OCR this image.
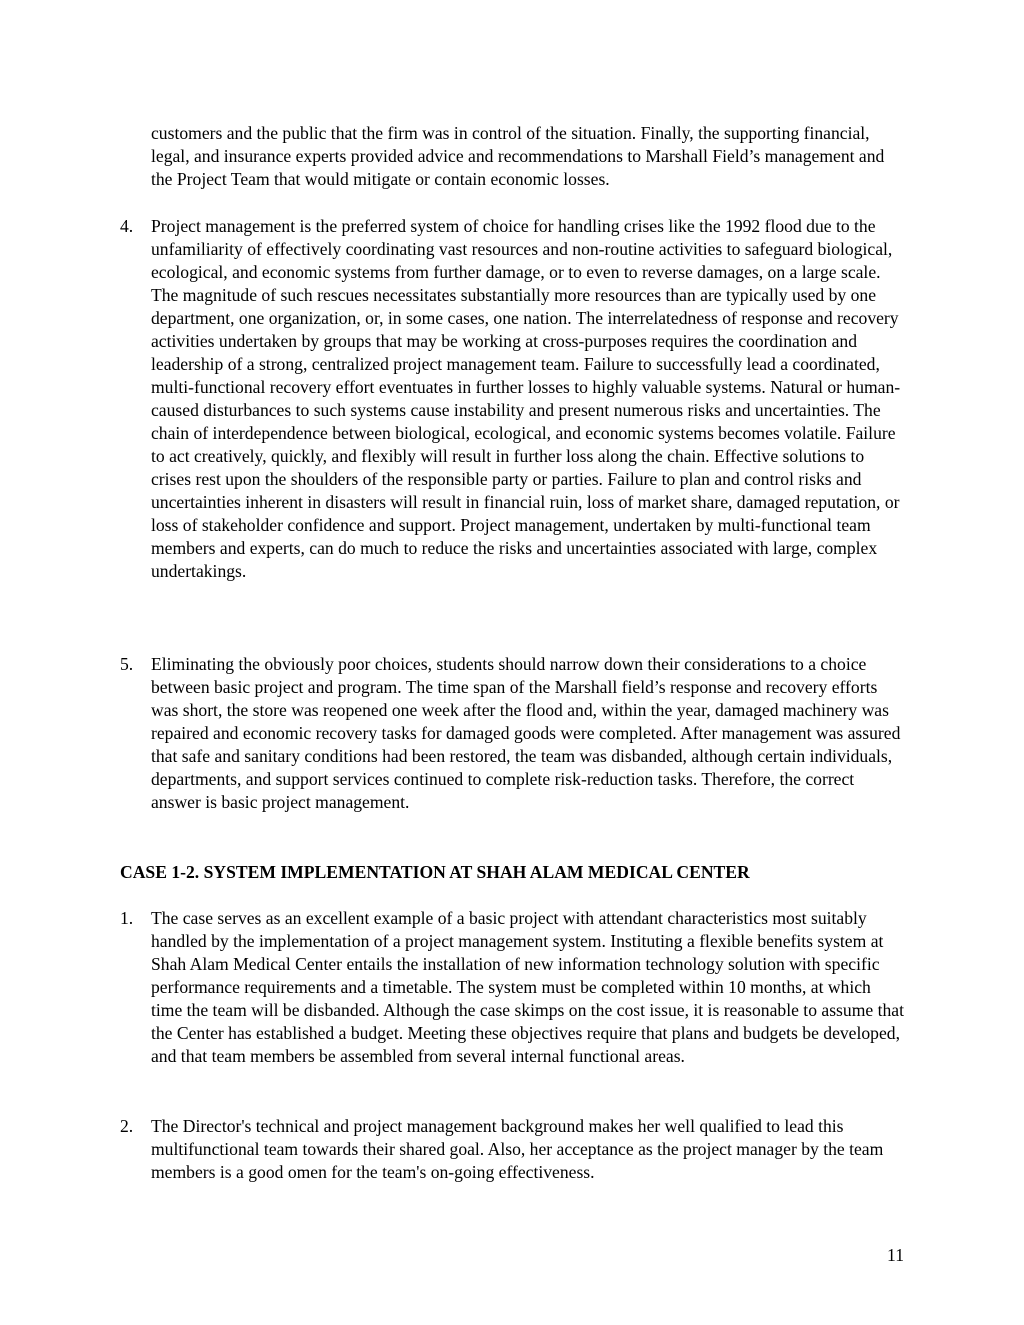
customers and the public that the firm was in control of the situation. Finally, the supporting financial, legal, and insurance experts provided advice and recommendations to Marshall Field’s management and the Project Team that would mitigate or contain economic losses.

4.	Project management is the preferred system of choice for handling crises like the 1992 flood due to the unfamiliarity of effectively coordinating vast resources and non-routine activities to safeguard biological, ecological, and economic systems from further damage, or to even to reverse damages, on a large scale. The magnitude of such rescues necessitates substantially more resources than are typically used by one department, one organization, or, in some cases, one nation. The interrelatedness of response and recovery activities undertaken by groups that may be working at cross-purposes requires the coordination and leadership of a strong, centralized project management team. Failure to successfully lead a coordinated, multi-functional recovery effort eventuates in further losses to highly valuable systems. Natural or human-caused disturbances to such systems cause instability and present numerous risks and uncertainties. The chain of interdependence between biological, ecological, and economic systems becomes volatile. Failure to act creatively, quickly, and flexibly will result in further loss along the chain. Effective solutions to crises rest upon the shoulders of the responsible party or parties. Failure to plan and control risks and uncertainties inherent in disasters will result in financial ruin, loss of market share, damaged reputation, or loss of stakeholder confidence and support. Project management, undertaken by multi-functional team members and experts, can do much to reduce the risks and uncertainties associated with large, complex undertakings.

5.	Eliminating the obviously poor choices, students should narrow down their considerations to a choice between basic project and program. The time span of the Marshall field’s response and recovery efforts was short, the store was reopened one week after the flood and, within the year, damaged machinery was repaired and economic recovery tasks for damaged goods were completed. After management was assured that safe and sanitary conditions had been restored, the team was disbanded, although certain individuals, departments, and support services continued to complete risk-reduction tasks. Therefore, the correct answer is basic project management.

CASE 1-2. SYSTEM IMPLEMENTATION AT SHAH ALAM MEDICAL CENTER
1.	The case serves as an excellent example of a basic project with attendant characteristics most suitably handled by the implementation of a project management system. Instituting a flexible benefits system at Shah Alam Medical Center entails the installation of new information technology solution with specific performance requirements and a timetable. The system must be completed within 10 months, at which time the team will be disbanded. Although the case skimps on the cost issue, it is reasonable to assume that the Center has established a budget. Meeting these objectives require that plans and budgets be developed, and that team members be assembled from several internal functional areas.

2.	The Director's technical and project management background makes her well qualified to lead this multifunctional team towards their shared goal. Also, her acceptance as the project manager by the team members is a good omen for the team's on-going effectiveness.

11
